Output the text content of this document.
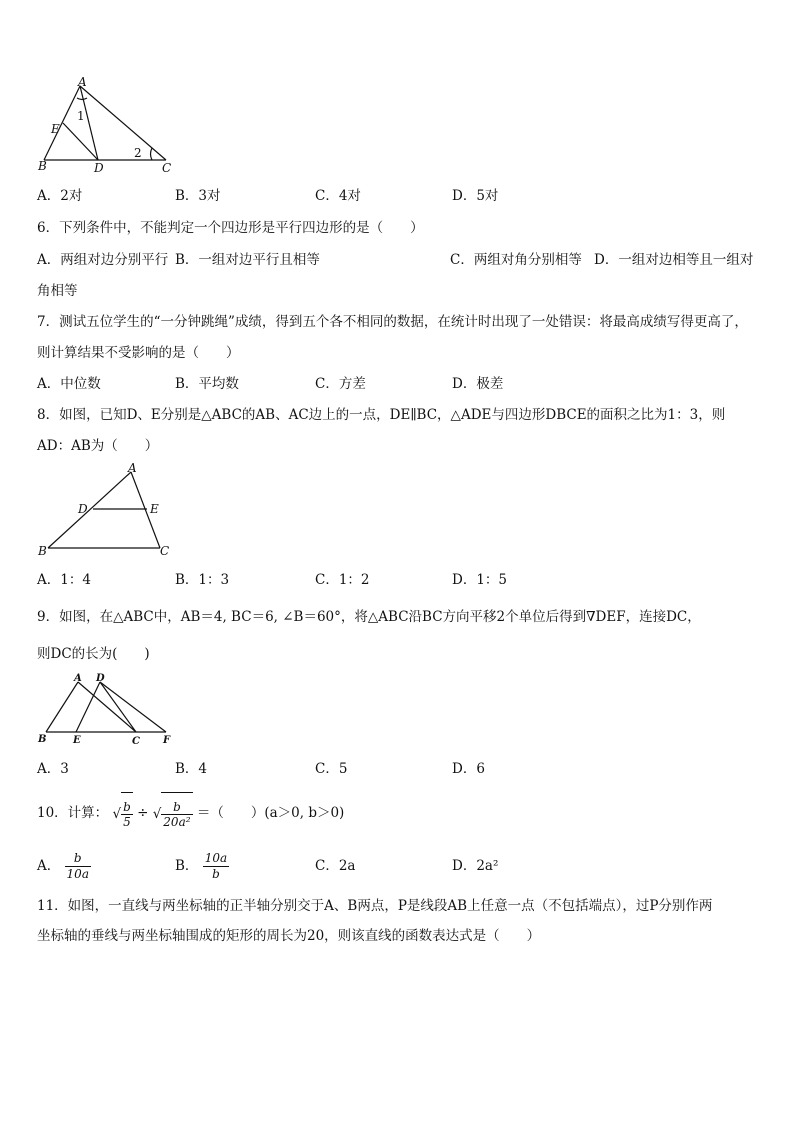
A
E
B	D	C
1
2
A．2对	B．3对	C．4对	D．5对
6．下列条件中，不能判定一个四边形是平行四边形的是（　　）
A．两组对边分别平行 B．一组对边平行且相等	C．两组对角分别相等 D．一组对边相等且一组对
角相等
7．测试五位学生的“一分钟跳绳”成绩，得到五个各不相同的数据，在统计时出现了一处错误：将最高成绩写得更高了，
则计算结果不受影响的是（　　）
A．中位数	B．平均数	C．方差	D．极差
8．如图，已知D、E分别是△ABC的AB、AC边上的一点，DE∥BC，△ADE与四边形DBCE的面积之比为1：3，则
AD：AB为（　　）
A
D	E
B	C
A．1：4	B．1：3	C．1：2	D．1：5
9．如图，在△ABC中，AB＝4, BC＝6, ∠B＝60°，将△ABC沿BC方向平移2个单位后得到∇DEF，连接DC，
则DC的长为(　　)
A D
B	E	C F
A．3	B．4	C．5	D．6
10．计算： √ $\frac{b}{5}$ ÷ √ $\frac{b}{\text{20a²}}$ ＝（　　）(a＞0, b＞0)
A． $\frac{b}{10a}$	B． $\frac{10a}{b}$	C．2a	D．2a²
11．如图，一直线与两坐标轴的正半轴分别交于A、B两点，P是线段AB上任意一点（不包括端点），过P分别作两
坐标轴的垂线与两坐标轴围成的矩形的周长为20，则该直线的函数表达式是（　　）
